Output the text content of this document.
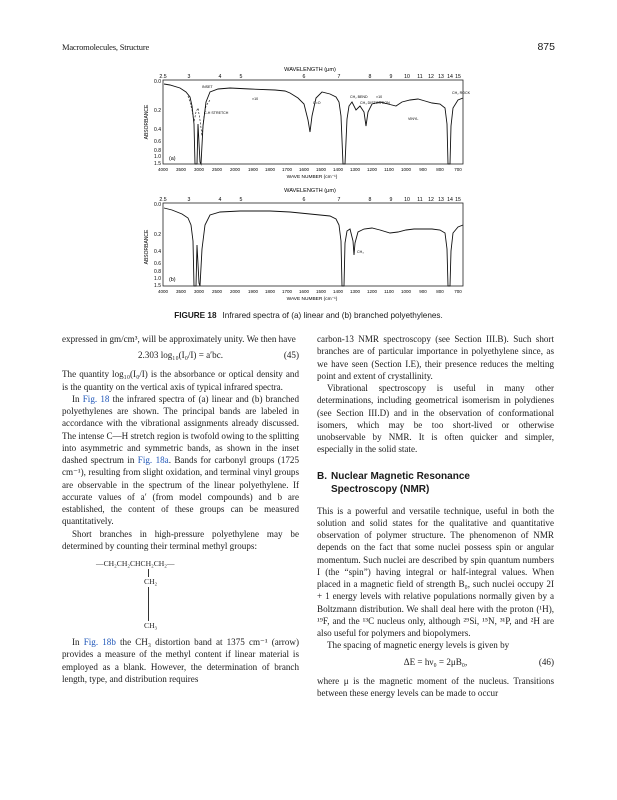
Macromolecules, Structure	875
WAVELENGTH (μm)
2.5	3	4	5	6	7	8	9 10 11 12 13 14 15
ABSORBANCE
0.0
0.2
0.4
0.6
0.8
1.0
1.5
INSET
C=O
CH₂ BEND
CH₃ DISTORTION
VINYL
CH₂ ROCK
C-H STRETCH
×10	×10
(a)
4000 3500 3000 2500 2000 1900 1800 1700 1600 1500 1400 1300 1200 1100 1000 900 800 700
WAVE NUMBER (cm⁻¹)
WAVELENGTH (μm)
2.5	3	4	5	6	7	8	9 10 11 12 13 14 15
ABSORBANCE
0.0
0.2
0.4
0.6
0.8
1.0
1.5
CH₃
(b)
4000 3500 3000 2500 2000 1900 1800 1700 1600 1500 1400 1300 1200 1100 1000 900 800 700
WAVE NUMBER (cm⁻¹)
FIGURE 18 Infrared spectra of (a) linear and (b) branched polyethylenes.

expressed in gm/cm³, will be approximately unity. We then have

2.303 log₁₀(I₀/I) = a′bc.	(45)

The quantity log₁₀(I₀/I) is the absorbance or optical density and is the quantity on the vertical axis of typical infrared spectra.

In Fig. 18 the infrared spectra of (a) linear and (b) branched polyethylenes are shown. The principal bands are labeled in accordance with the vibrational assignments already discussed. The intense C—H stretch region is twofold owing to the splitting into asymmetric and symmetric bands, as shown in the inset dashed spectrum in Fig. 18a. Bands for carbonyl groups (1725 cm⁻¹), resulting from slight oxidation, and terminal vinyl groups are observable in the spectrum of the linear polyethylene. If accurate values of a′ (from model compounds) and b are established, the content of these groups can be measured quantitatively.

Short branches in high-pressure polyethylene may be determined by counting their terminal methyl groups:

—CH₂CH₂CHCH₂CH₂—
CH₂
CH₃

In Fig. 18b the CH₃ distortion band at 1375 cm⁻¹ (arrow) provides a measure of the methyl content if linear material is employed as a blank. However, the determination of branch length, type, and distribution requires

carbon-13 NMR spectroscopy (see Section III.B). Such short branches are of particular importance in polyethylene since, as we have seen (Section I.E), their presence reduces the melting point and extent of crystallinity.

Vibrational spectroscopy is useful in many other determinations, including geometrical isomerism in polydienes (see Section III.D) and in the observation of conformational isomers, which may be too short-lived or otherwise unobservable by NMR. It is often quicker and simpler, especially in the solid state.

B. Nuclear Magnetic Resonance
Spectroscopy (NMR)

This is a powerful and versatile technique, useful in both the solution and solid states for the qualitative and quantitative observation of polymer structure. The phenomenon of NMR depends on the fact that some nuclei possess spin or angular momentum. Such nuclei are described by spin quantum numbers I (the “spin”) having integral or half-integral values. When placed in a magnetic field of strength B₀, such nuclei occupy 2I + 1 energy levels with relative populations normally given by a Boltzmann distribution. We shall deal here with the proton (¹H), ¹⁹F, and the ¹³C nucleus only, although ²⁹Si, ¹⁵N, ³¹P, and ²H are also useful for polymers and biopolymers.

The spacing of magnetic energy levels is given by

ΔE = hν₀ = 2μB₀,	(46)

where μ is the magnetic moment of the nucleus. Transitions between these energy levels can be made to occur
